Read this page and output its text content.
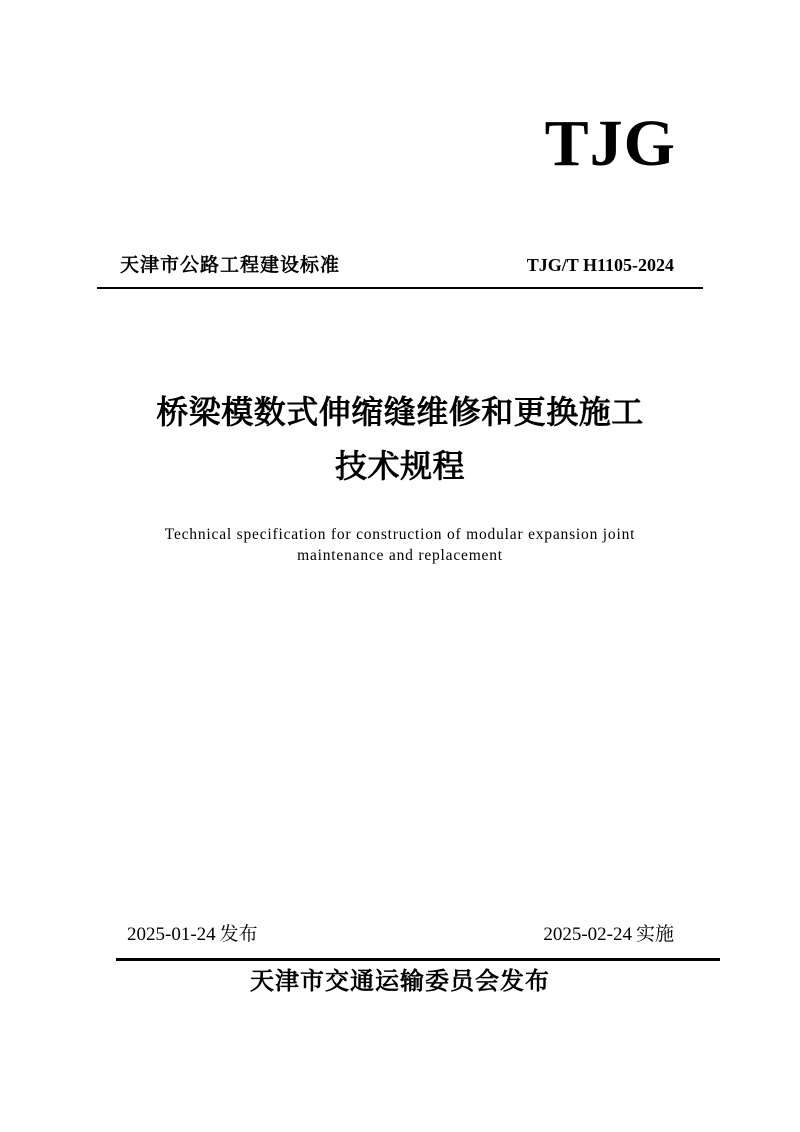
TJG
天津市公路工程建设标准	TJG/T H1105-2024
桥梁模数式伸缩缝维修和更换施工
技术规程
Technical specification for construction of modular expansion joint
maintenance and replacement
2025-01-24 发布	2025-02-24 实施
天津市交通运输委员会发布
